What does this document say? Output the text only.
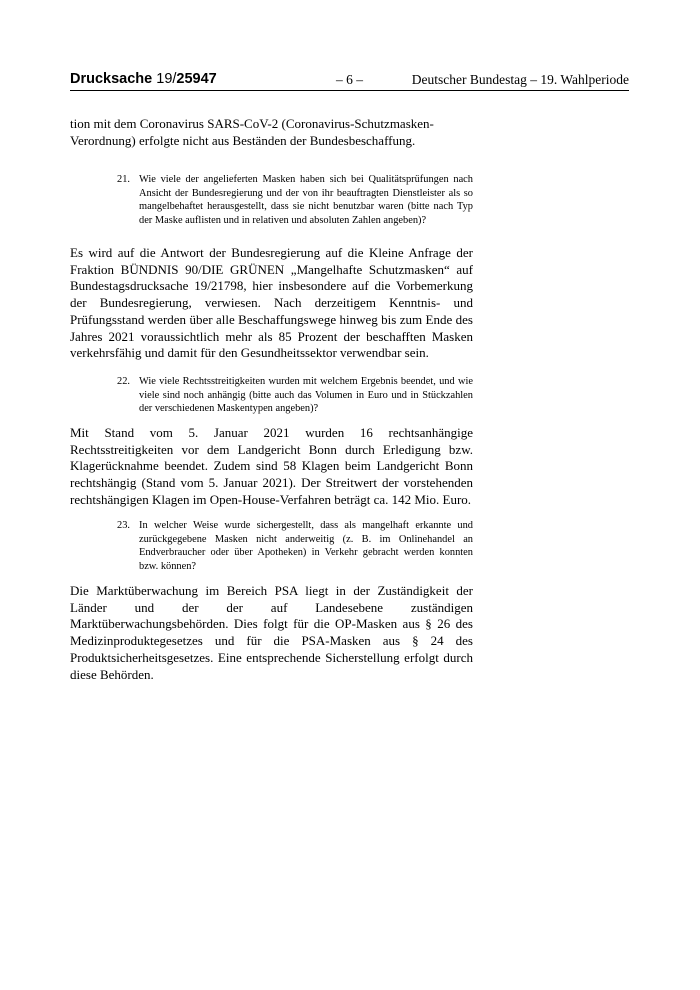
Drucksache 19/25947	– 6 –	Deutscher Bundestag – 19. Wahlperiode

tion mit dem Coronavirus SARS-CoV-2 (Coronavirus-Schutzmasken-Verordnung) erfolgte nicht aus Beständen der Bundesbeschaffung.

21. Wie viele der angelieferten Masken haben sich bei Qualitätsprüfungen nach Ansicht der Bundesregierung und der von ihr beauftragten Dienstleister als so mangelbehaftet herausgestellt, dass sie nicht benutzbar waren (bitte nach Typ der Maske auflisten und in relativen und absoluten Zahlen angeben)?

Es wird auf die Antwort der Bundesregierung auf die Kleine Anfrage der Fraktion BÜNDNIS 90/DIE GRÜNEN „Mangelhafte Schutzmasken“ auf Bundestagsdrucksache 19/21798, hier insbesondere auf die Vorbemerkung der Bundesregierung, verwiesen. Nach derzeitigem Kenntnis- und Prüfungsstand werden über alle Beschaffungswege hinweg bis zum Ende des Jahres 2021 voraussichtlich mehr als 85 Prozent der beschafften Masken verkehrsfähig und damit für den Gesundheitssektor verwendbar sein.

22. Wie viele Rechtsstreitigkeiten wurden mit welchem Ergebnis beendet, und wie viele sind noch anhängig (bitte auch das Volumen in Euro und in Stückzahlen der verschiedenen Maskentypen angeben)?

Mit Stand vom 5. Januar 2021 wurden 16 rechtsanhängige Rechtsstreitigkeiten vor dem Landgericht Bonn durch Erledigung bzw. Klagerücknahme beendet. Zudem sind 58 Klagen beim Landgericht Bonn rechtshängig (Stand vom 5. Januar 2021). Der Streitwert der vorstehenden rechtshängigen Klagen im Open-House-Verfahren beträgt ca. 142 Mio. Euro.

23. In welcher Weise wurde sichergestellt, dass als mangelhaft erkannte und zurückgegebene Masken nicht anderweitig (z. B. im Onlinehandel an Endverbraucher oder über Apotheken) in Verkehr gebracht werden konnten bzw. können?

Die Marktüberwachung im Bereich PSA liegt in der Zuständigkeit der Länder und der der auf Landesebene zuständigen Marktüberwachungsbehörden. Dies folgt für die OP-Masken aus § 26 des Medizinproduktegesetzes und für die PSA-Masken aus § 24 des Produktsicherheitsgesetzes. Eine entsprechende Sicherstellung erfolgt durch diese Behörden.
